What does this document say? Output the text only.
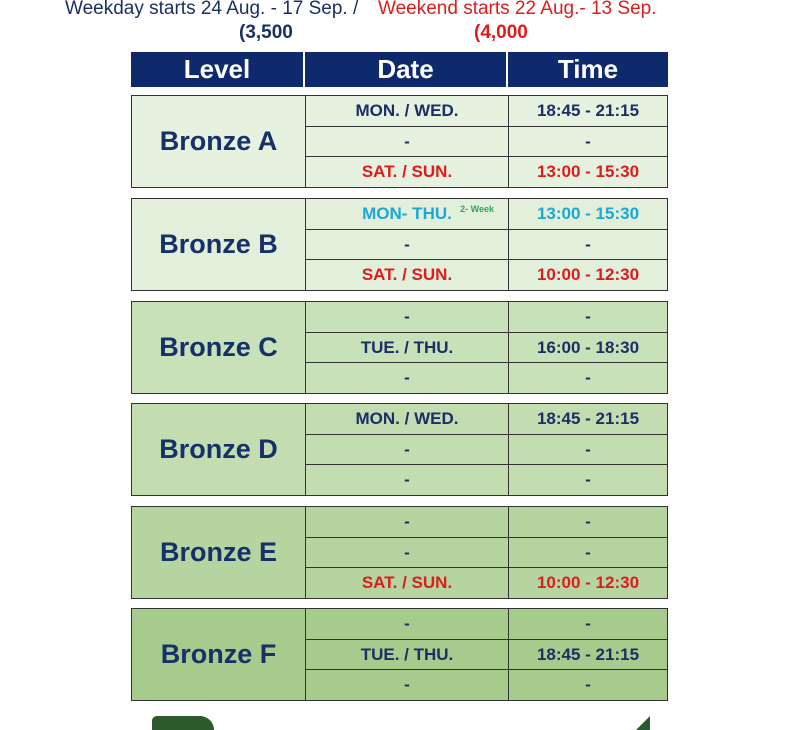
Weekday starts 24 Aug. - 17 Sep. / Weekend starts 22 Aug.- 13 Sep.
(3,500	(4,000
Level	Date	Time
Bronze A
MON. / WED.	18:45 - 21:15
-	-
SAT. / SUN.	13:00 - 15:30
Bronze B
MON- THU. 2- Week	13:00 - 15:30
-	-
SAT. / SUN.	10:00 - 12:30
Bronze C
-	-
TUE. / THU.	16:00 - 18:30
-	-
Bronze D
MON. / WED.	18:45 - 21:15
-	-
-	-
Bronze E
-	-
-	-
SAT. / SUN.	10:00 - 12:30
Bronze F
-	-
TUE. / THU.	18:45 - 21:15
-	-
